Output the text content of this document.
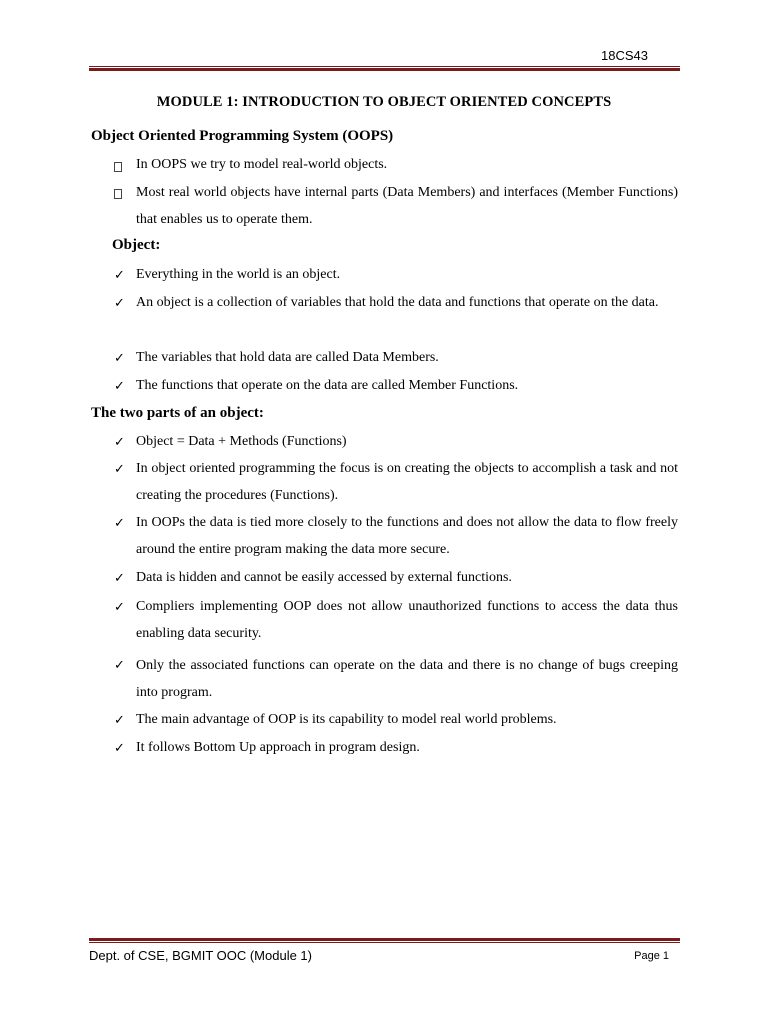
18CS43
MODULE 1: INTRODUCTION TO OBJECT ORIENTED CONCEPTS
Object Oriented Programming System (OOPS)
In OOPS we try to model real-world objects.
Most real world objects have internal parts (Data Members) and interfaces (Member Functions) that enables us to operate them.
Object:
✓ Everything in the world is an object.
✓ An object is a collection of variables that hold the data and functions that operate on the data.
✓ The variables that hold data are called Data Members.
✓ The functions that operate on the data are called Member Functions.
The two parts of an object:
✓ Object = Data + Methods (Functions)
✓ In object oriented programming the focus is on creating the objects to accomplish a task and not creating the procedures (Functions).
✓ In OOPs the data is tied more closely to the functions and does not allow the data to flow freely around the entire program making the data more secure.
✓ Data is hidden and cannot be easily accessed by external functions.
✓ Compliers implementing OOP does not allow unauthorized functions to access the data thus enabling data security.
✓ Only the associated functions can operate on the data and there is no change of bugs creeping into program.
✓ The main advantage of OOP is its capability to model real world problems.
✓ It follows Bottom Up approach in program design.
Dept. of CSE, BGMIT OOC (Module 1)	Page 1
